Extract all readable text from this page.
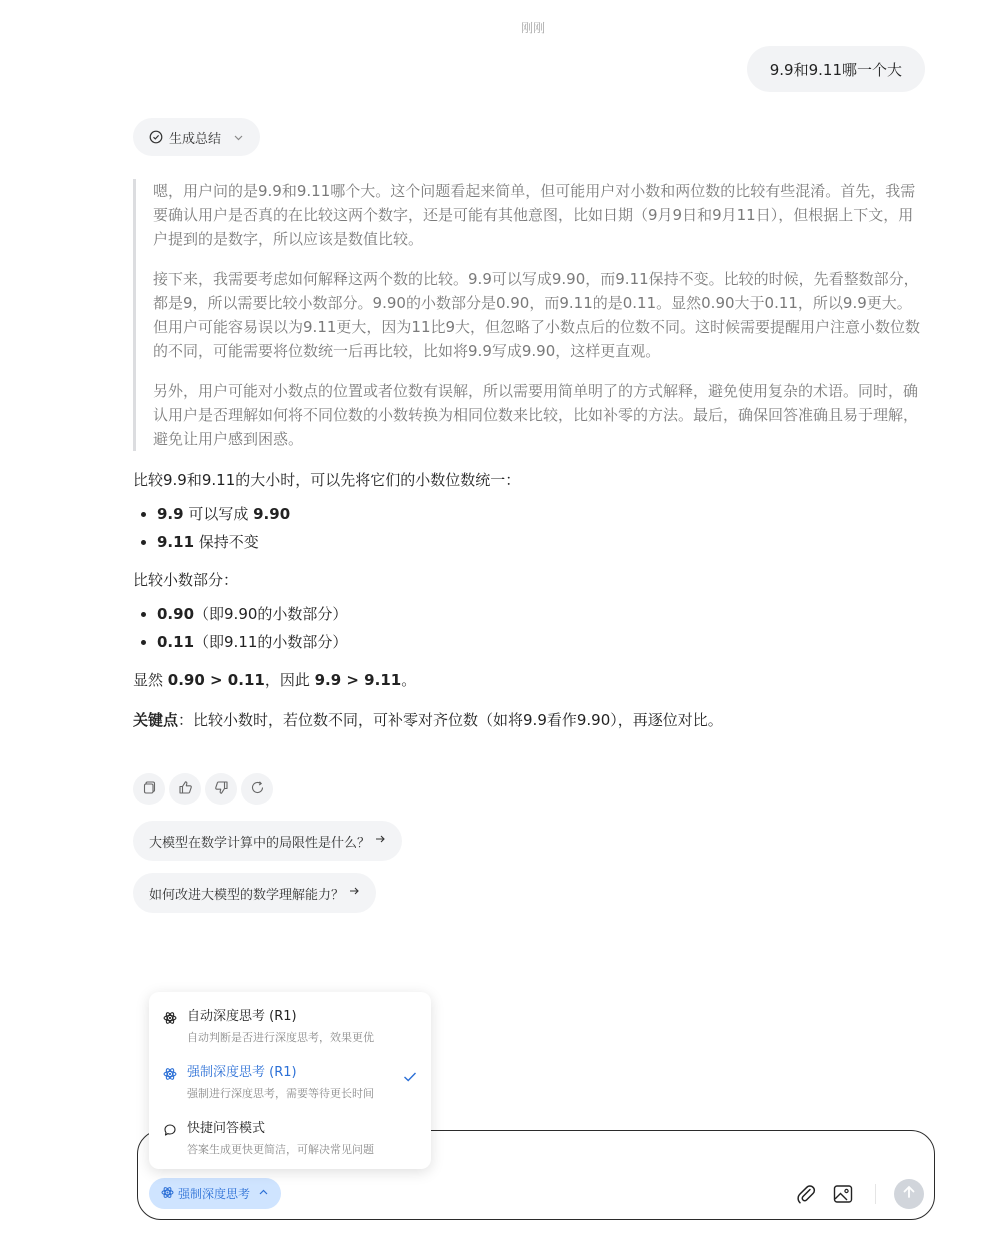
刚刚
9.9和9.11哪一个大
生成总结

嗯，用户问的是9.9和9.11哪个大。这个问题看起来简单，但可能用户对小数和两位数的比较有些混淆。首先，我需要确认用户是否真的在比较这两个数字，还是可能有其他意图，比如日期（9月9日和9月11日），但根据上下文，用户提到的是数字，所以应该是数值比较。

接下来，我需要考虑如何解释这两个数的比较。9.9可以写成9.90，而9.11保持不变。比较的时候，先看整数部分，都是9，所以需要比较小数部分。9.90的小数部分是0.90，而9.11的是0.11。显然0.90大于0.11，所以9.9更大。但用户可能容易误以为9.11更大，因为11比9大，但忽略了小数点后的位数不同。这时候需要提醒用户注意小数位数的不同，可能需要将位数统一后再比较，比如将9.9写成9.90，这样更直观。

另外，用户可能对小数点的位置或者位数有误解，所以需要用简单明了的方式解释，避免使用复杂的术语。同时，确认用户是否理解如何将不同位数的小数转换为相同位数来比较，比如补零的方法。最后，确保回答准确且易于理解，避免让用户感到困惑。

比较9.9和9.11的大小时，可以先将它们的小数位数统一：

• 9.9 可以写成 9.90
• 9.11 保持不变

比较小数部分：

• 0.90（即9.90的小数部分）
• 0.11（即9.11的小数部分）

显然 0.90 > 0.11，因此 9.9 > 9.11。

关键点：比较小数时，若位数不同，可补零对齐位数（如将9.9看作9.90），再逐位对比。

大模型在数学计算中的局限性是什么？
如何改进大模型的数学理解能力？
强制深度思考
自动深度思考 (R1)
自动判断是否进行深度思考，效果更优
强制深度思考 (R1)
强制进行深度思考，需要等待更长时间
快捷问答模式
答案生成更快更简洁，可解决常见问题
